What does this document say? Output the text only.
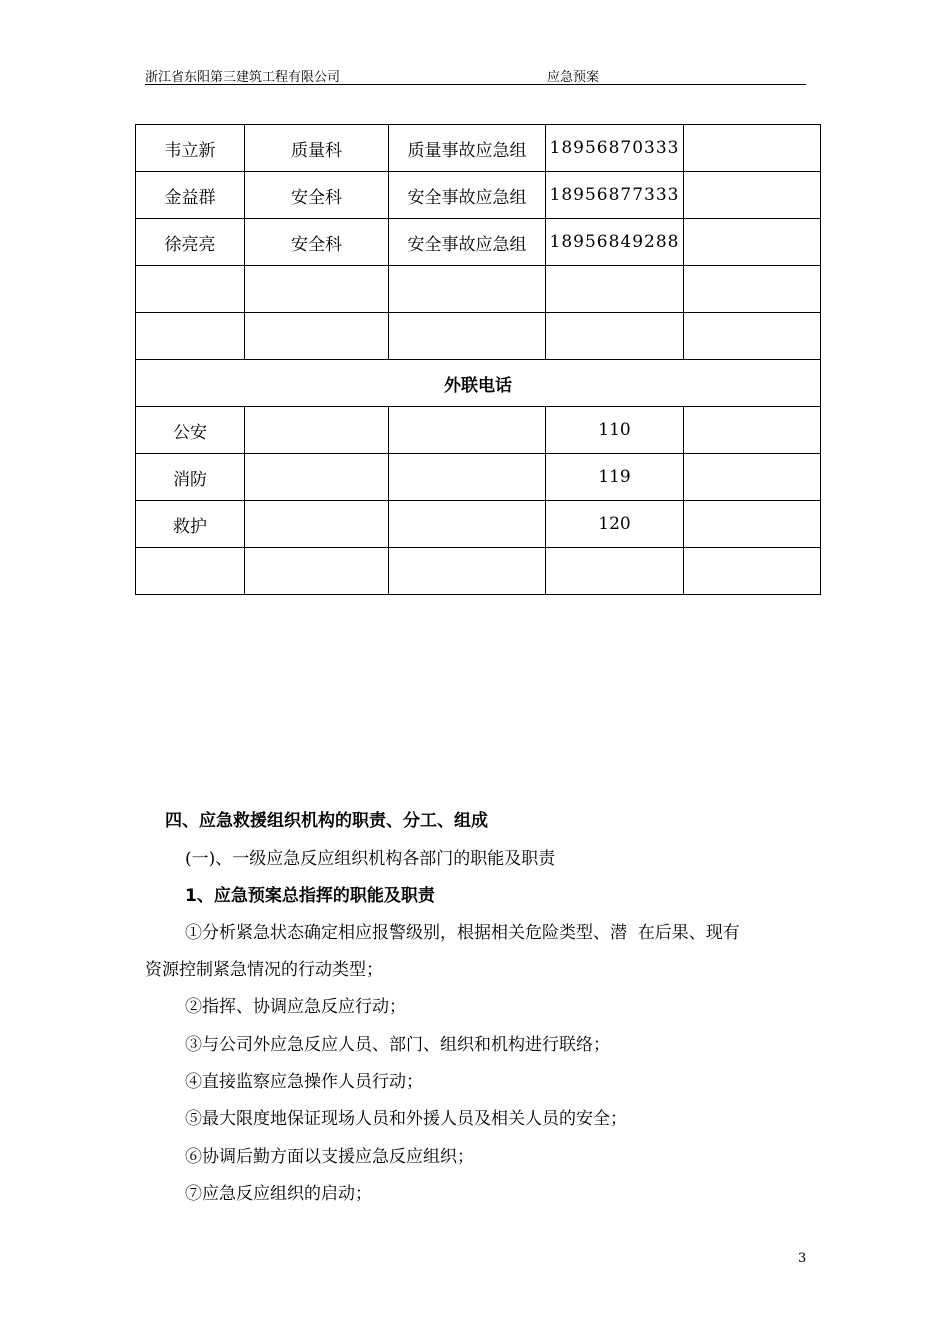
浙江省东阳第三建筑工程有限公司	应急预案
韦立新	质量科	质量事故应急组	18956870333	
金益群	安全科	安全事故应急组	18956877333	
徐亮亮	安全科	安全事故应急组	18956849288	

外联电话				
公安			110	
消防			119	
救护			120	

四、应急救援组织机构的职责、分工、组成
(一)、一级应急反应组织机构各部门的职能及职责
1、应急预案总指挥的职能及职责
①分析紧急状态确定相应报警级别，根据相关危险类型、潜  在后果、现有
资源控制紧急情况的行动类型；
②指挥、协调应急反应行动；
③与公司外应急反应人员、部门、组织和机构进行联络；
④直接监察应急操作人员行动；
⑤最大限度地保证现场人员和外援人员及相关人员的安全；
⑥协调后勤方面以支援应急反应组织；
⑦应急反应组织的启动；
3
